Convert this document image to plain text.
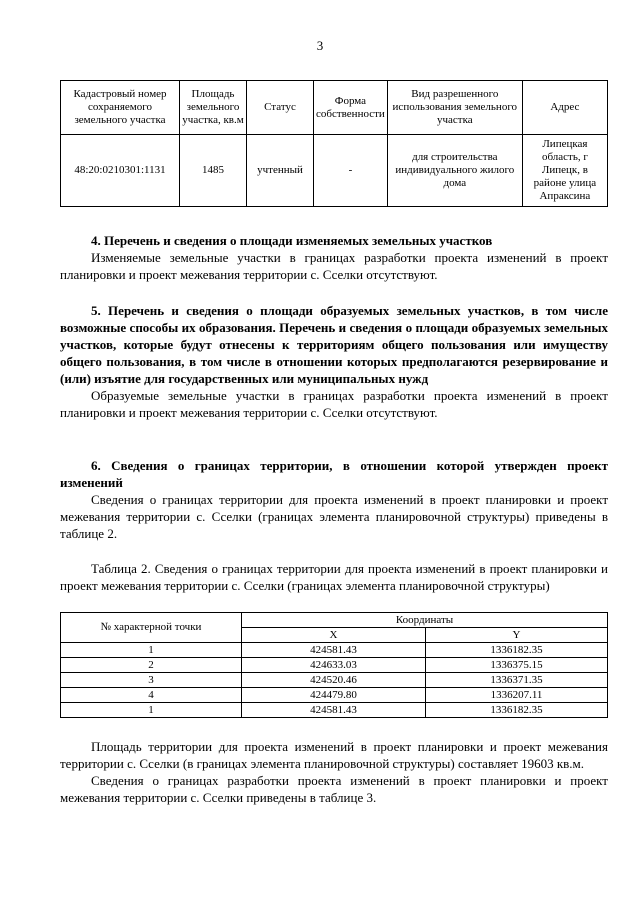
3
Кадастровый номер сохраняемого земельного участка	Площадь земельного участка, кв.м	Статус	Форма собственности	Вид разрешенного использования земельного участка	Адрес
48:20:0210301:1131	1485	учтенный	-	для строительства индивидуального жилого дома	Липецкая область, г Липецк, в районе улица Апраксина

4. Перечень и сведения о площади изменяемых земельных участков

Изменяемые земельные участки в границах разработки проекта изменений в проект планировки и проект межевания территории с. Сселки отсутствуют.

5. Перечень и сведения о площади образуемых земельных участков, в том числе возможные способы их образования. Перечень и сведения о площади образуемых земельных участков, которые будут отнесены к территориям общего пользования или имуществу общего пользования, в том числе в отношении которых предполагаются резервирование и (или) изъятие для государственных или муниципальных нужд

Образуемые земельные участки в границах разработки проекта изменений в проект планировки и проект межевания территории с. Сселки отсутствуют.

6. Сведения о границах территории, в отношении которой утвержден проект изменений

Сведения о границах территории для проекта изменений в проект планировки и проект межевания территории с. Сселки (границах элемента планировочной структуры) приведены в таблице 2.

Таблица 2. Сведения о границах территории для проекта изменений в проект планировки и проект межевания территории с. Сселки (границах элемента планировочной структуры)

№ характерной точки	Координаты	
	X	Y
1	424581.43	1336182.35
2	424633.03	1336375.15
3	424520.46	1336371.35
4	424479.80	1336207.11
1	424581.43	1336182.35

Площадь территории для проекта изменений в проект планировки и проект межевания территории с. Сселки (в границах элемента планировочной структуры) составляет 19603 кв.м.

Сведения о границах разработки проекта изменений в проект планировки и проект межевания территории с. Сселки приведены в таблице 3.
